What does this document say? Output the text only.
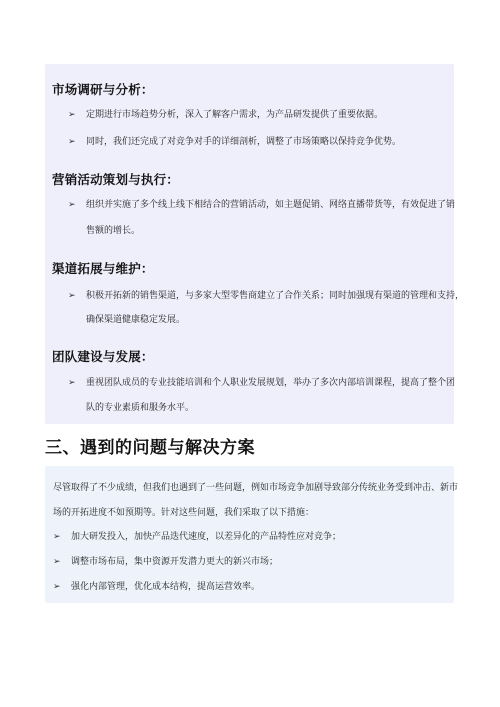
市场调研与分析：
➢ 定期进行市场趋势分析，深入了解客户需求，为产品研发提供了重要依据。
➢ 同时，我们还完成了对竞争对手的详细剖析，调整了市场策略以保持竞争优势。
营销活动策划与执行：
➢ 组织并实施了多个线上线下相结合的营销活动，如主题促销、网络直播带货等，有效促进了销
售额的增长。
渠道拓展与维护：
➢ 积极开拓新的销售渠道，与多家大型零售商建立了合作关系；同时加强现有渠道的管理和支持，
确保渠道健康稳定发展。
团队建设与发展：
➢ 重视团队成员的专业技能培训和个人职业发展规划，举办了多次内部培训课程，提高了整个团
队的专业素质和服务水平。
三、遇到的问题与解决方案
尽管取得了不少成绩，但我们也遇到了一些问题，例如市场竞争加剧导致部分传统业务受到冲击、新市
场的开拓进度不如预期等。针对这些问题，我们采取了以下措施：
➢ 加大研发投入，加快产品迭代速度，以差异化的产品特性应对竞争；
➢ 调整市场布局，集中资源开发潜力更大的新兴市场；
➢ 强化内部管理，优化成本结构，提高运营效率。
